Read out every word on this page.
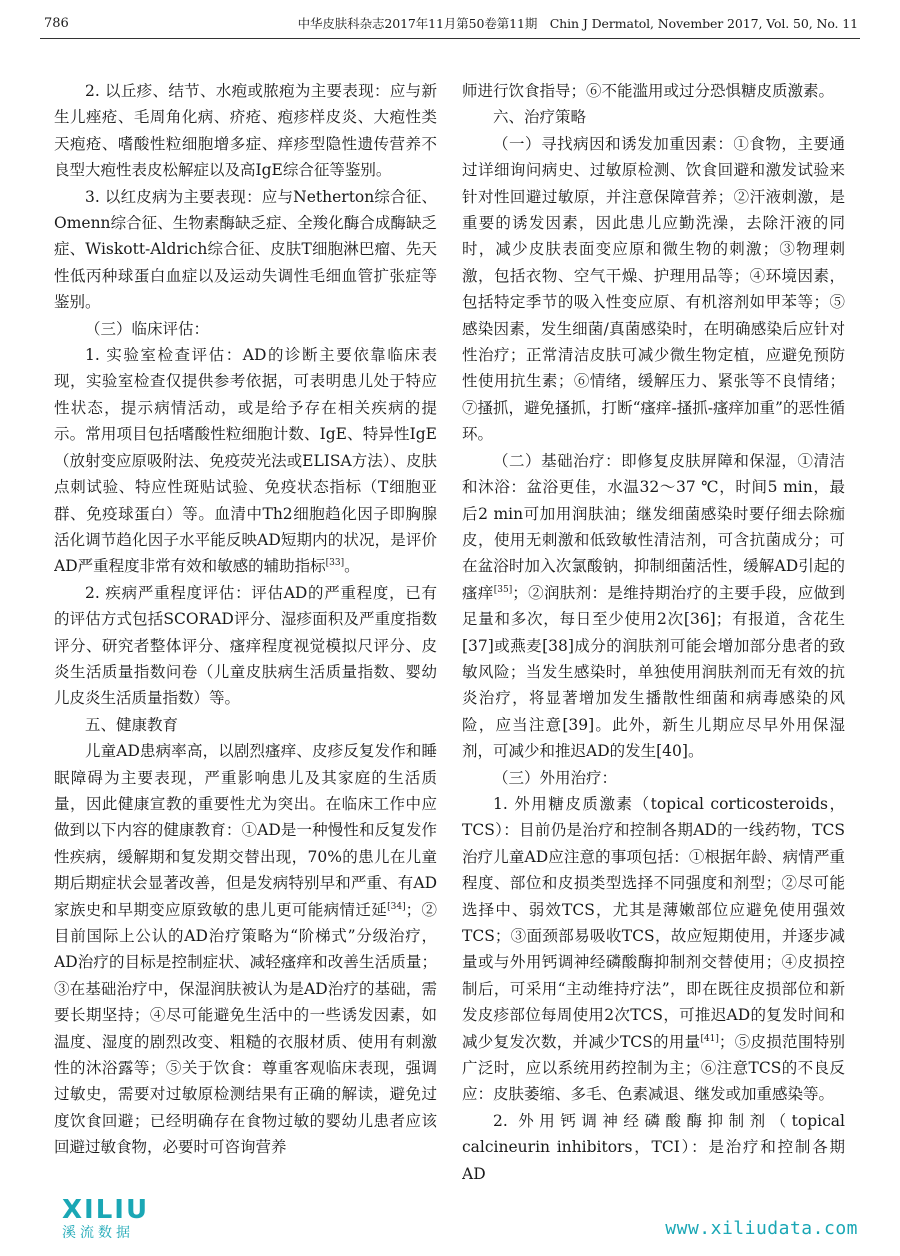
786	中华皮肤科杂志2017年11月第50卷第11期　Chin J Dermatol, November 2017, Vol. 50, No. 11

2. 以丘疹、结节、水疱或脓疱为主要表现：应与新生儿痤疮、毛周角化病、疥疮、疱疹样皮炎、大疱性类天疱疮、嗜酸性粒细胞增多症、痒疹型隐性遗传营养不良型大疱性表皮松解症以及高IgE综合征等鉴别。

3. 以红皮病为主要表现：应与Netherton综合征、Omenn综合征、生物素酶缺乏症、全羧化酶合成酶缺乏症、Wiskott-Aldrich综合征、皮肤T细胞淋巴瘤、先天性低丙种球蛋白血症以及运动失调性毛细血管扩张症等鉴别。

（三）临床评估：

1. 实验室检查评估：AD的诊断主要依靠临床表现，实验室检查仅提供参考依据，可表明患儿处于特应性状态，提示病情活动，或是给予存在相关疾病的提示。常用项目包括嗜酸性粒细胞计数、IgE、特异性IgE（放射变应原吸附法、免疫荧光法或ELISA方法）、皮肤点刺试验、特应性斑贴试验、免疫状态指标（T细胞亚群、免疫球蛋白）等。血清中Th2细胞趋化因子即胸腺活化调节趋化因子水平能反映AD短期内的状况，是评价AD严重程度非常有效和敏感的辅助指标[33]。

2. 疾病严重程度评估：评估AD的严重程度，已有的评估方式包括SCORAD评分、湿疹面积及严重度指数评分、研究者整体评分、瘙痒程度视觉模拟尺评分、皮炎生活质量指数问卷（儿童皮肤病生活质量指数、婴幼儿皮炎生活质量指数）等。

五、健康教育

儿童AD患病率高，以剧烈瘙痒、皮疹反复发作和睡眠障碍为主要表现，严重影响患儿及其家庭的生活质量，因此健康宣教的重要性尤为突出。在临床工作中应做到以下内容的健康教育：①AD是一种慢性和反复发作性疾病，缓解期和复发期交替出现，70%的患儿在儿童期后期症状会显著改善，但是发病特别早和严重、有AD家族史和早期变应原致敏的患儿更可能病情迁延[34]；②目前国际上公认的AD治疗策略为“阶梯式”分级治疗，AD治疗的目标是控制症状、减轻瘙痒和改善生活质量；③在基础治疗中，保湿润肤被认为是AD治疗的基础，需要长期坚持；④尽可能避免生活中的一些诱发因素，如温度、湿度的剧烈改变、粗糙的衣服材质、使用有刺激性的沐浴露等；⑤关于饮食：尊重客观临床表现，强调过敏史，需要对过敏原检测结果有正确的解读，避免过度饮食回避；已经明确存在食物过敏的婴幼儿患者应该回避过敏食物，必要时可咨询营养

师进行饮食指导；⑥不能滥用或过分恐惧糖皮质激素。

六、治疗策略

（一）寻找病因和诱发加重因素：①食物，主要通过详细询问病史、过敏原检测、饮食回避和激发试验来针对性回避过敏原，并注意保障营养；②汗液刺激，是重要的诱发因素，因此患儿应勤洗澡，去除汗液的同时，减少皮肤表面变应原和微生物的刺激；③物理刺激，包括衣物、空气干燥、护理用品等；④环境因素，包括特定季节的吸入性变应原、有机溶剂如甲苯等；⑤感染因素，发生细菌/真菌感染时，在明确感染后应针对性治疗；正常清洁皮肤可减少微生物定植，应避免预防性使用抗生素；⑥情绪，缓解压力、紧张等不良情绪；⑦搔抓，避免搔抓，打断“瘙痒-搔抓-瘙痒加重”的恶性循环。

（二）基础治疗：即修复皮肤屏障和保湿，①清洁和沐浴：盆浴更佳，水温32～37 ℃，时间5 min，最后2 min可加用润肤油；继发细菌感染时要仔细去除痂皮，使用无刺激和低致敏性清洁剂，可含抗菌成分；可在盆浴时加入次氯酸钠，抑制细菌活性，缓解AD引起的瘙痒[35]；②润肤剂：是维持期治疗的主要手段，应做到足量和多次，每日至少使用2次[36]；有报道，含花生[37]或燕麦[38]成分的润肤剂可能会增加部分患者的致敏风险；当发生感染时，单独使用润肤剂而无有效的抗炎治疗，将显著增加发生播散性细菌和病毒感染的风险，应当注意[39]。此外，新生儿期应尽早外用保湿剂，可减少和推迟AD的发生[40]。

（三）外用治疗：

1. 外用糖皮质激素（topical corticosteroids，TCS）：目前仍是治疗和控制各期AD的一线药物，TCS治疗儿童AD应注意的事项包括：①根据年龄、病情严重程度、部位和皮损类型选择不同强度和剂型；②尽可能选择中、弱效TCS，尤其是薄嫩部位应避免使用强效TCS；③面颈部易吸收TCS，故应短期使用，并逐步减量或与外用钙调神经磷酸酶抑制剂交替使用；④皮损控制后，可采用“主动维持疗法”，即在既往皮损部位和新发皮疹部位每周使用2次TCS，可推迟AD的复发时间和减少复发次数，并减少TCS的用量[41]；⑤皮损范围特别广泛时，应以系统用药控制为主；⑥注意TCS的不良反应：皮肤萎缩、多毛、色素减退、继发或加重感染等。

2. 外用钙调神经磷酸酶抑制剂（topical calcineurin inhibitors，TCI）：是治疗和控制各期AD

XILIU
溪流数据	www.xiliudata.com
